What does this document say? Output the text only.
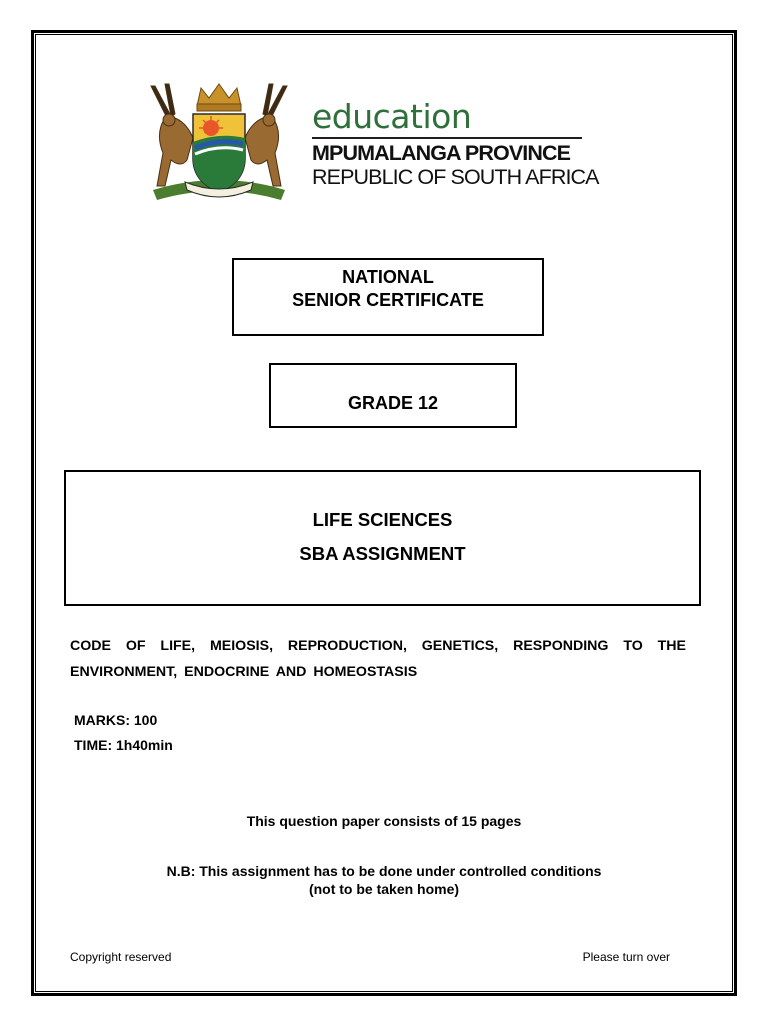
education
MPUMALANGA PROVINCE
REPUBLIC OF SOUTH AFRICA
NATIONAL
SENIOR CERTIFICATE
GRADE 12
LIFE SCIENCES
SBA ASSIGNMENT
CODE OF LIFE, MEIOSIS, REPRODUCTION, GENETICS, RESPONDING TO THE ENVIRONMENT, ENDOCRINE AND HOMEOSTASIS
MARKS: 100
TIME: 1h40min
This question paper consists of 15 pages
N.B: This assignment has to be done under controlled conditions
(not to be taken home)
Copyright reserved	Please turn over
